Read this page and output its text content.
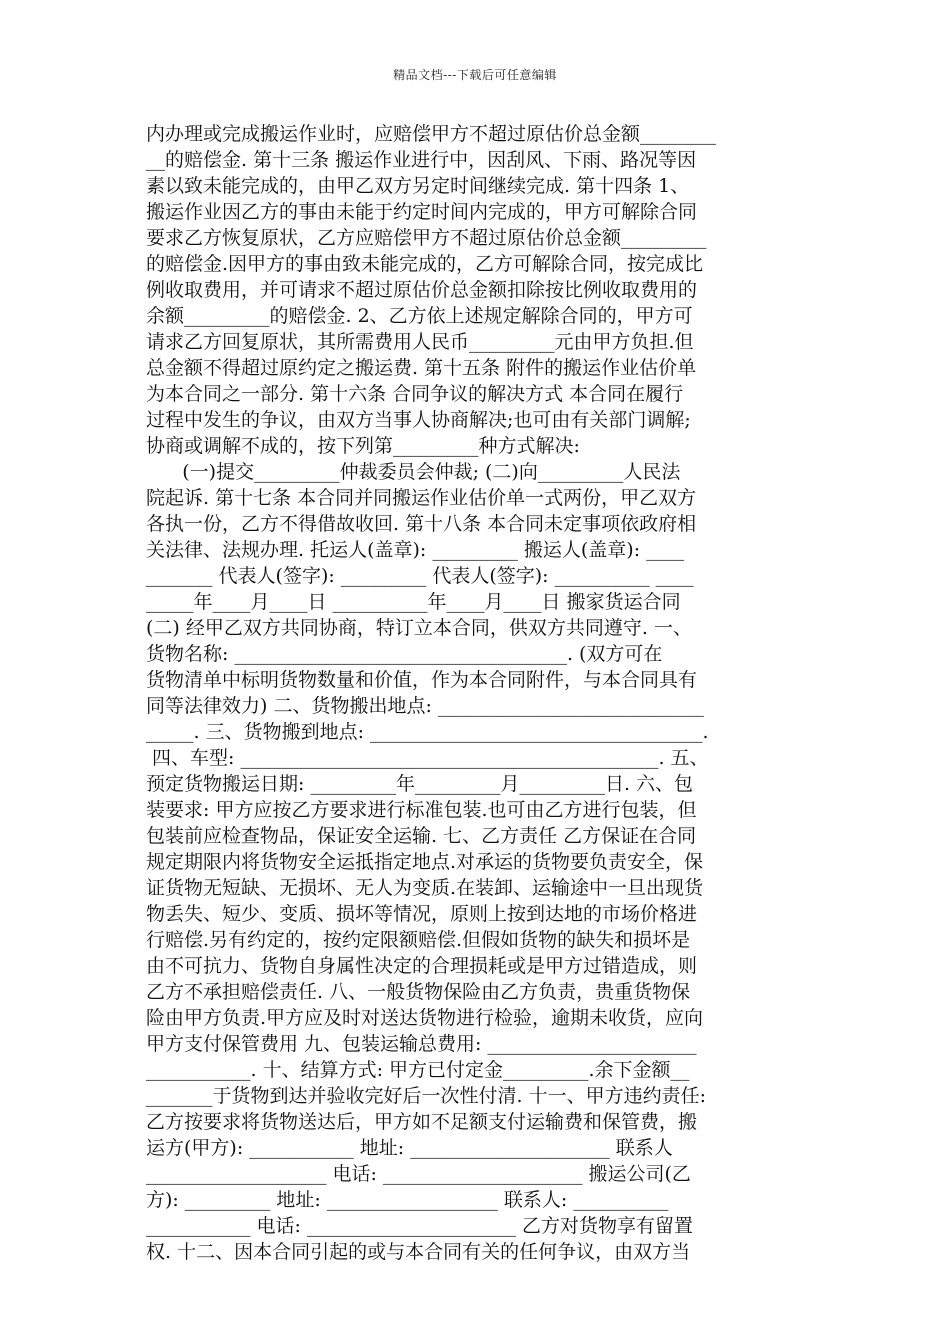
精品文档---下载后可任意编辑
内办理或完成搬运作业时，应赔偿甲方不超过原估价总金额________
__的赔偿金. 第十三条 搬运作业进行中，因刮风、下雨、路况等因
素以致未能完成的，由甲乙双方另定时间继续完成. 第十四条 1、
搬运作业因乙方的事由未能于约定时间内完成的，甲方可解除合同
要求乙方恢复原状，乙方应赔偿甲方不超过原估价总金额_________
的赔偿金.因甲方的事由致未能完成的，乙方可解除合同，按完成比
例收取费用，并可请求不超过原估价总金额扣除按比例收取费用的
余额_________的赔偿金. 2、乙方依上述规定解除合同的，甲方可
请求乙方回复原状，其所需费用人民币_________元由甲方负担.但
总金额不得超过原约定之搬运费. 第十五条 附件的搬运作业估价单
为本合同之一部分. 第十六条 合同争议的解决方式 本合同在履行
过程中发生的争议，由双方当事人协商解决;也可由有关部门调解;
协商或调解不成的，按下列第_________种方式解决:
(一)提交_________仲裁委员会仲裁; (二)向_________人民法
院起诉. 第十七条 本合同并同搬运作业估价单一式两份，甲乙双方
各执一份，乙方不得借故收回. 第十八条 本合同未定事项依政府相
关法律、法规办理. 托运人(盖章): _________ 搬运人(盖章): ____
_______ 代表人(签字): _________ 代表人(签字): __________ ____
_____年____月____日 __________年____月____日 搬家货运合同
(二) 经甲乙双方共同协商，特订立本合同，供双方共同遵守. 一、
货物名称: ___________________________________. (双方可在
货物清单中标明货物数量和价值，作为本合同附件，与本合同具有
同等法律效力) 二、货物搬出地点: ____________________________
_____. 三、货物搬到地点: ___________________________________.
四、车型: ____________________________________________. 五、
预定货物搬运日期: _________年_________月_________日. 六、包
装要求: 甲方应按乙方要求进行标准包装.也可由乙方进行包装，但
包装前应检查物品，保证安全运输. 七、乙方责任 乙方保证在合同
规定期限内将货物安全运抵指定地点.对承运的货物要负责安全，保
证货物无短缺、无损坏、无人为变质.在装卸、运输途中一旦出现货
物丢失、短少、变质、损坏等情况，原则上按到达地的市场价格进
行赔偿.另有约定的，按约定限额赔偿.但假如货物的缺失和损坏是
由不可抗力、货物自身属性决定的合理损耗或是甲方过错造成，则
乙方不承担赔偿责任. 八、一般货物保险由乙方负责，贵重货物保
险由甲方负责.甲方应及时对送达货物进行检验，逾期未收货，应向
甲方支付保管费用 九、包装运输总费用: ______________________
___________. 十、结算方式: 甲方已付定金_________.余下金额__
_______于货物到达并验收完好后一次性付清. 十一、甲方违约责任:
乙方按要求将货物送达后，甲方如不足额支付运输费和保管费，搬
运方(甲方): ___________ 地址: _____________________ 联系人
___________________ 电话: _____________________ 搬运公司(乙
方): _________ 地址: __________________ 联系人: __________
___________ 电话: ______________________ 乙方对货物享有留置
权. 十二、因本合同引起的或与本合同有关的任何争议，由双方当
